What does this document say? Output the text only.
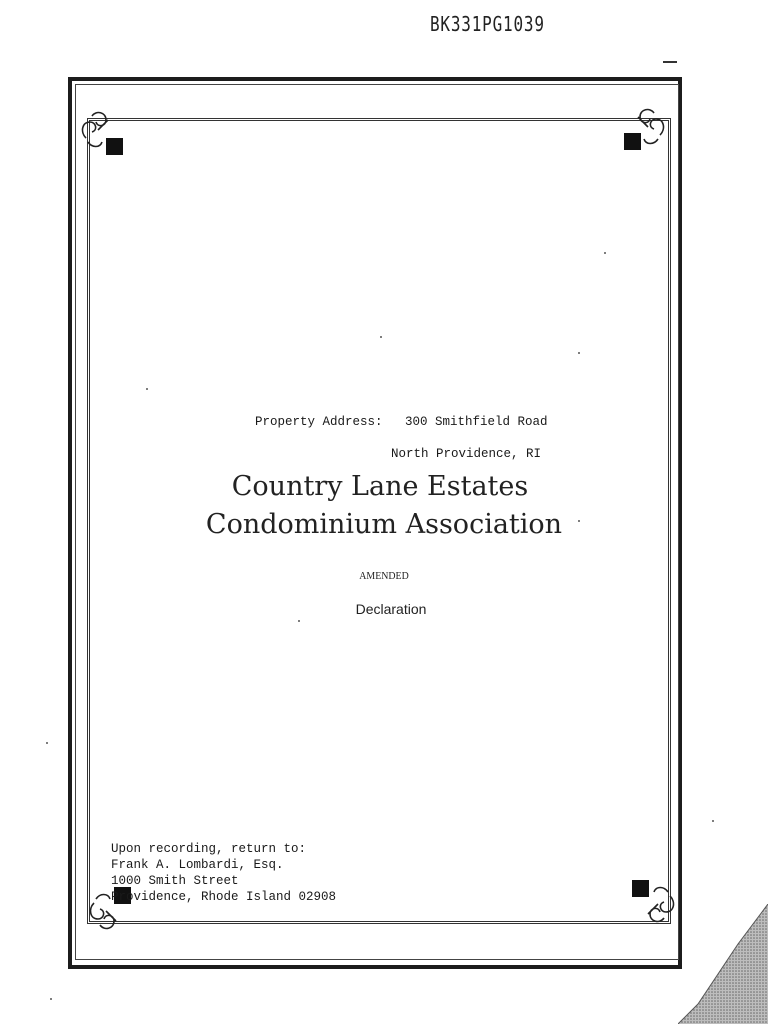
BK331PG1039

Property Address: 300 Smithfield Road

North Providence, RI

Country Lane Estates
Condominium Association
AMENDED
Declaration
Upon recording, return to:
Frank A. Lombardi, Esq.
1000 Smith Street
Providence, Rhode Island 02908
